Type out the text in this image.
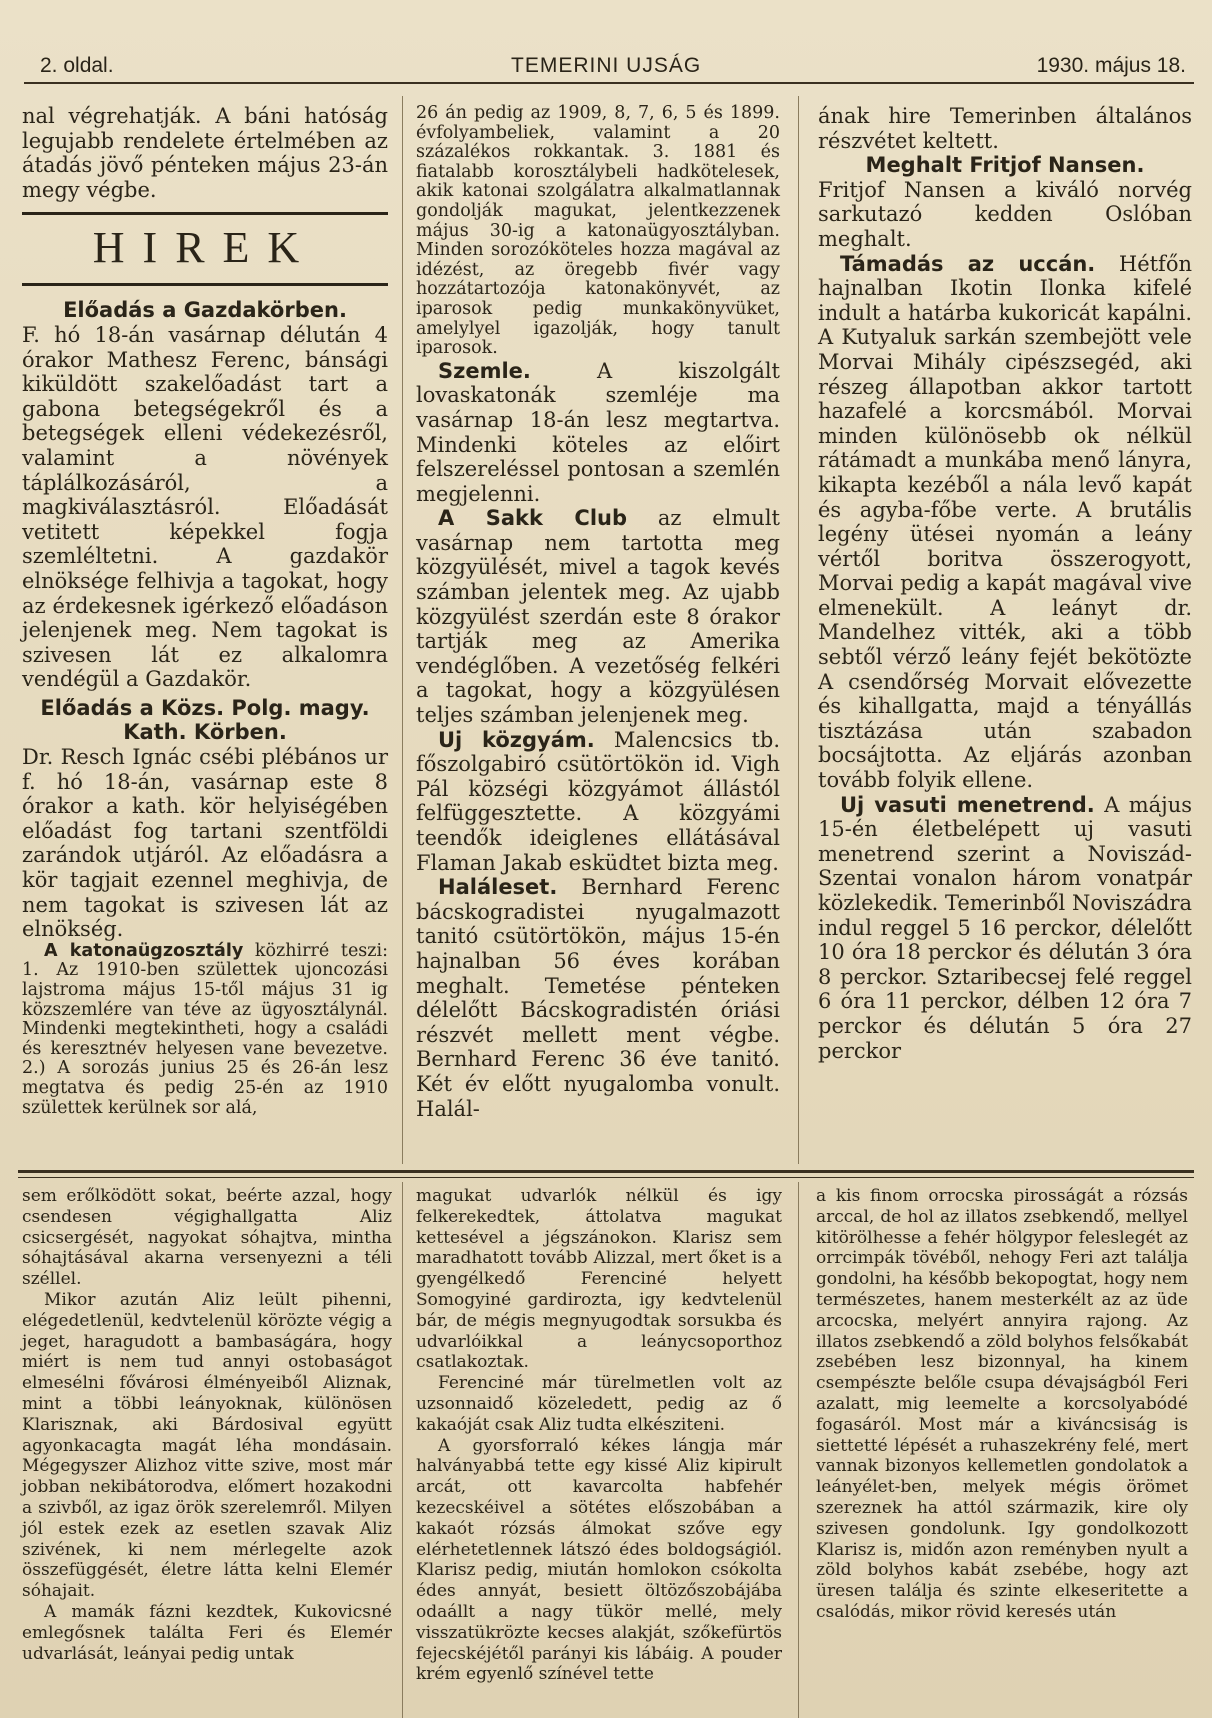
2. oldal.	TEMERINI UJSÁG	1930. május 18.

nal végrehatják. A báni hatóság legujabb rendelete értelmében az átadás jövő pénteken május 23-án megy végbe.

HIREK
Előadás a Gazdakörben.

F. hó 18-án vasárnap délután 4 órakor Mathesz Ferenc, bánsági kiküldött szakelőadást tart a gabona betegségekről és a betegségek elleni védekezésről, valamint a növények táplálkozásáról, a magkiválasztásról. Előadását vetitett képekkel fogja szemléltetni. A gazdakör elnöksége felhivja a tagokat, hogy az érdekesnek igérkező előadáson jelenjenek meg. Nem tagokat is szivesen lát ez alkalomra vendégül a Gazdakör.

Előadás a Közs. Polg. magy. Kath. Körben.

Dr. Resch Ignác csébi plébános ur f. hó 18-án, vasárnap este 8 órakor a kath. kör helyiségében előadást fog tartani szentföldi zarándok utjáról. Az előadásra a kör tagjait ezennel meghivja, de nem tagokat is szivesen lát az elnökség.

A katonaügzosztály közhirré teszi: 1. Az 1910-ben születtek ujoncozási lajstroma május 15-től május 31 ig közszemlére van téve az ügyosztálynál. Mindenki megtekintheti, hogy a családi és keresztnév helyesen vane bevezetve. 2.) A sorozás junius 25 és 26-án lesz megtatva és pedig 25-én az 1910 születtek kerülnek sor alá,

26 án pedig az 1909, 8, 7, 6, 5 és 1899. évfolyambeliek, valamint a 20 százalékos rokkantak. 3. 1881 és fiatalabb korosztálybeli hadkötelesek, akik katonai szolgálatra alkalmatlannak gondolják magukat, jelentkezzenek május 30-ig a katonaügyosztályban. Minden sorozóköteles hozza magával az idézést, az öregebb fivér vagy hozzátartozója katonakönyvét, az iparosok pedig munkakönyvüket, amelylyel igazolják, hogy tanult iparosok.

Szemle.	A kiszolgált lovaskatonák szemléje ma vasárnap 18-án lesz megtartva. Mindenki köteles az előirt felszereléssel pontosan a szemlén megjelenni.

A Sakk Club az elmult vasárnap nem tartotta meg közgyülését, mivel a tagok kevés számban jelentek meg. Az ujabb közgyülést szerdán este 8 órakor tartják meg az Amerika vendéglőben. A vezetőség felkéri a tagokat, hogy a közgyülésen teljes számban jelenjenek meg.

Uj közgyám. Malencsics tb. főszolgabiró csütörtökön id. Vigh Pál községi közgyámot állástól felfüggesztette. A közgyámi teendők ideiglenes ellátásával Flaman Jakab esküdtet bizta meg.

Haláleset. Bernhard Ferenc bácskogradistei nyugalmazott tanitó csütörtökön, május 15-én hajnalban 56 éves korában meghalt. Temetése pénteken délelőtt Bácskogradistén óriási részvét mellett ment végbe. Bernhard Ferenc 36 éve tanitó. Két év előtt nyugalomba vonult. Halál-

ának hire Temerinben általános részvétet keltett.

Meghalt Fritjof Nansen.

Fritjof Nansen a kiváló norvég sarkutazó kedden Oslóban meghalt.

Támadás az uccán. Hétfőn hajnalban Ikotin Ilonka kifelé indult a határba kukoricát kapálni. A Kutyaluk sarkán szembejött vele Morvai Mihály cipészsegéd, aki részeg állapotban akkor tartott hazafelé a korcsmából. Morvai minden különösebb ok nélkül rátámadt a munkába menő lányra, kikapta kezéből a nála levő kapát és agyba-főbe verte. A brutális legény ütései nyomán a leány vértől boritva összerogyott, Morvai pedig a kapát magával vive elmenekült. A leányt dr. Mandelhez vitték, aki a több sebtől vérző leány fejét bekötözte A csendőrség Morvait elővezette és kihallgatta, majd a tényállás tisztázása után szabadon bocsájtotta. Az eljárás azonban tovább folyik ellene.

Uj vasuti menetrend. A május 15-én életbelépett uj vasuti menetrend szerint a Noviszád-Szentai vonalon három vonatpár közlekedik. Temerinből Noviszádra indul reggel 5 16 perckor, délelőtt 10 óra 18 perckor és délután 3 óra 8 perckor. Sztaribecsej felé reggel 6 óra 11 perckor, délben 12 óra 7 perckor és délután 5 óra 27 perckor

sem erőlködött sokat, beérte azzal, hogy csendesen végighallgatta Aliz csicsergését, nagyokat sóhajtva, mintha sóhajtásával akarna versenyezni a téli széllel.

Mikor azután Aliz leült pihenni, elégedetlenül, kedvtelenül körözte végig a jeget, haragudott a bambaságára, hogy miért is nem tud annyi ostobaságot elmesélni fővárosi élményeiből Aliznak, mint a többi leányoknak, különösen Klarisznak, aki Bárdosival együtt agyonkacagta magát léha mondásain. Mégegyszer Alizhoz vitte szive, most már jobban nekibátorodva, előmert hozakodni a szivből, az igaz örök szerelemről. Milyen jól estek ezek az esetlen szavak Aliz szivének, ki nem mérlegelte azok összefüggését, életre látta kelni Elemér sóhajait.

A mamák fázni kezdtek, Kukovicsné emlegősnek találta Feri és Elemér udvarlását, leányai pedig untak

magukat udvarlók nélkül és igy felkerekedtek, áttolatva magukat kettesével a jégszánokon. Klarisz sem maradhatott tovább Alizzal, mert őket is a gyengélkedő Ferenciné helyett Somogyiné gardirozta, igy kedvtelenül bár, de mégis megnyugodtak sorsukba és udvarlóikkal a leánycsoporthoz csatlakoztak.

Ferenciné már türelmetlen volt az uzsonnaidő közeledett, pedig az ő kakaóját csak Aliz tudta elkésziteni.

A gyorsforraló kékes lángja már halványabbá tette egy kissé Aliz kipirult arcát, ott kavarcolta habfehér kezecskéivel a sötétes előszobában a kakaót rózsás álmokat szőve egy elérhetetlennek látszó édes boldogságiól. Klarisz pedig, miután homlokon csókolta édes annyát, besiett öltözőszobájába odaállt a nagy tükör mellé, mely visszatükrözte kecses alakját, szőkefürtös fejecskéjétől parányi kis lábáig. A pouder krém egyenlő színével tette

a kis finom orrocska pirosságát a rózsás arccal, de hol az illatos zsebkendő, mellyel kitörölhesse a fehér hölgypor feleslegét az orrcimpák tövéből, nehogy Feri azt találja gondolni, ha később bekopogtat, hogy nem természetes, hanem mesterkélt az az üde arcocska, melyért annyira rajong. Az illatos zsebkendő a zöld bolyhos felsőkabát zsebében lesz bizonnyal, ha kinem csempészte belőle csupa dévajságból Feri azalatt, mig leemelte a korcsolyabódé fogasáról. Most már a kiváncsiság is siettetté lépését a ruhaszekrény felé, mert vannak bizonyos kellemetlen gondolatok a leányélet-ben, melyek mégis örömet szereznek ha attól származik, kire oly szivesen gondolunk. Igy gondolkozott Klarisz is, midőn azon reményben nyult a zöld bolyhos kabát zsebébe, hogy azt üresen találja és szinte elkeseritette a csalódás, mikor rövid keresés után
